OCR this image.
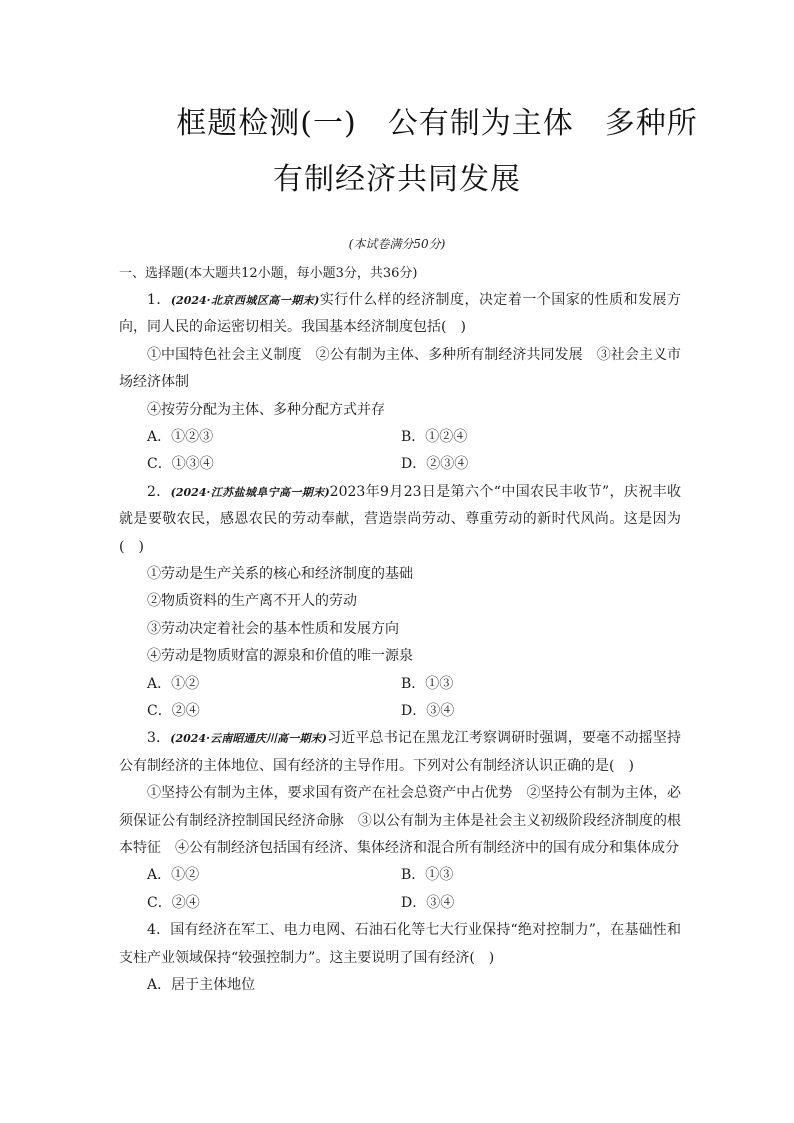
框题检测(一)　公有制为主体　多种所
有制经济共同发展
(本试卷满分50分)
一、选择题(本大题共12小题，每小题3分，共36分)

1．(2024·北京西城区高一期末)实行什么样的经济制度，决定着一个国家的性质和发展方向，同人民的命运密切相关。我国基本经济制度包括(　)

①中国特色社会主义制度　②公有制为主体、多种所有制经济共同发展　③社会主义市场经济体制

④按劳分配为主体、多种分配方式并存

A．①②③	B．①②④
C．①③④	D．②③④

2．(2024·江苏盐城阜宁高一期末)2023年9月23日是第六个“中国农民丰收节”，庆祝丰收就是要敬农民，感恩农民的劳动奉献，营造崇尚劳动、尊重劳动的新时代风尚。这是因为(　)

①劳动是生产关系的核心和经济制度的基础

②物质资料的生产离不开人的劳动

③劳动决定着社会的基本性质和发展方向

④劳动是物质财富的源泉和价值的唯一源泉

A．①②	B．①③
C．②④	D．③④

3．(2024·云南昭通庆川高一期末)习近平总书记在黑龙江考察调研时强调，要毫不动摇坚持公有制经济的主体地位、国有经济的主导作用。下列对公有制经济认识正确的是(　)

①坚持公有制为主体，要求国有资产在社会总资产中占优势　②坚持公有制为主体，必须保证公有制经济控制国民经济命脉　③以公有制为主体是社会主义初级阶段经济制度的根本特征　④公有制经济包括国有经济、集体经济和混合所有制经济中的国有成分和集体成分

A．①②	B．①③
C．②④	D．③④

4．国有经济在军工、电力电网、石油石化等七大行业保持“绝对控制力”，在基础性和支柱产业领域保持“较强控制力”。这主要说明了国有经济(　)

A．居于主体地位
